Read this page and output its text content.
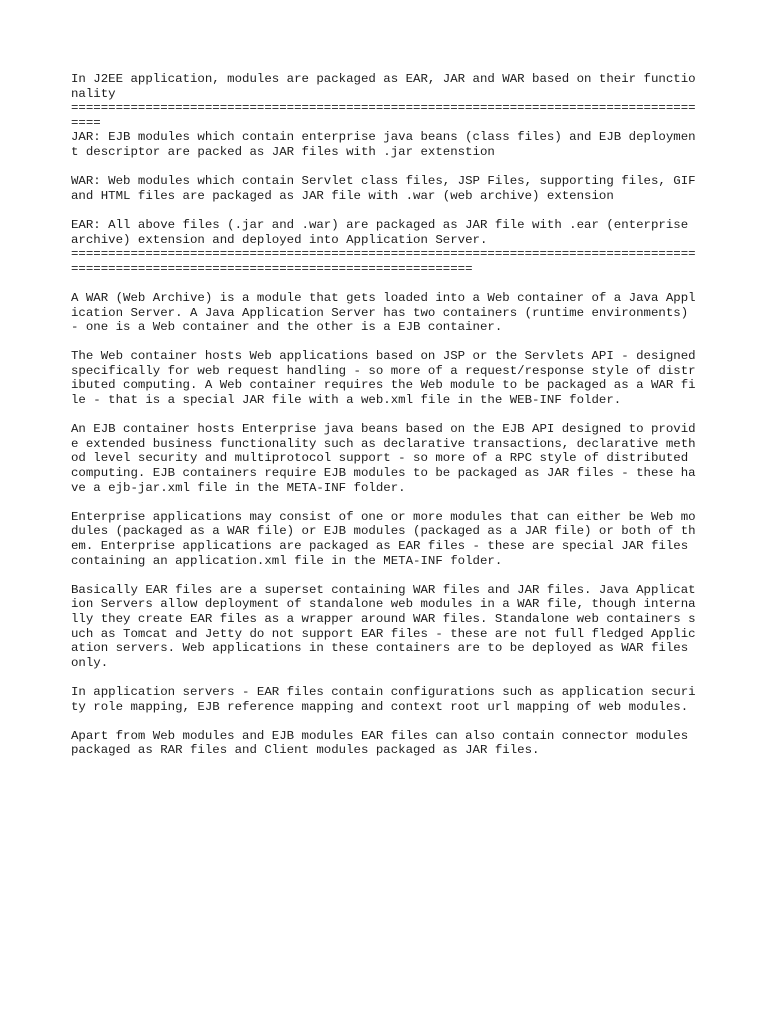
In J2EE application, modules are packaged as EAR, JAR and WAR based on their functionality

========================================================================================

JAR: EJB modules which contain enterprise java beans (class files) and EJB deployment descriptor are packed as JAR files with .jar extenstion

WAR: Web modules which contain Servlet class files, JSP Files, supporting files, GIF and HTML files are packaged as JAR file with .war (web archive) extension

EAR: All above files (.jar and .war) are packaged as JAR file with .ear (enterprise archive) extension and deployed into Application Server.

==========================================================================================================================================

A WAR (Web Archive) is a module that gets loaded into a Web container of a Java Application Server. A Java Application Server has two containers (runtime environments) - one is a Web container and the other is a EJB container.

The Web container hosts Web applications based on JSP or the Servlets API - designed specifically for web request handling - so more of a request/response style of distributed computing. A Web container requires the Web module to be packaged as a WAR file - that is a special JAR file with a web.xml file in the WEB-INF folder.

An EJB container hosts Enterprise java beans based on the EJB API designed to provide extended business functionality such as declarative transactions, declarative method level security and multiprotocol support - so more of a RPC style of distributed computing. EJB containers require EJB modules to be packaged as JAR files - these have a ejb-jar.xml file in the META-INF folder.

Enterprise applications may consist of one or more modules that can either be Web modules (packaged as a WAR file) or EJB modules (packaged as a JAR file) or both of them. Enterprise applications are packaged as EAR files - these are special JAR files containing an application.xml file in the META-INF folder.

Basically EAR files are a superset containing WAR files and JAR files. Java Application Servers allow deployment of standalone web modules in a WAR file, though internally they create EAR files as a wrapper around WAR files. Standalone web containers such as Tomcat and Jetty do not support EAR files - these are not full fledged Application servers. Web applications in these containers are to be deployed as WAR files only.

In application servers - EAR files contain configurations such as application security role mapping, EJB reference mapping and context root url mapping of web modules.

Apart from Web modules and EJB modules EAR files can also contain connector modules packaged as RAR files and Client modules packaged as JAR files.
